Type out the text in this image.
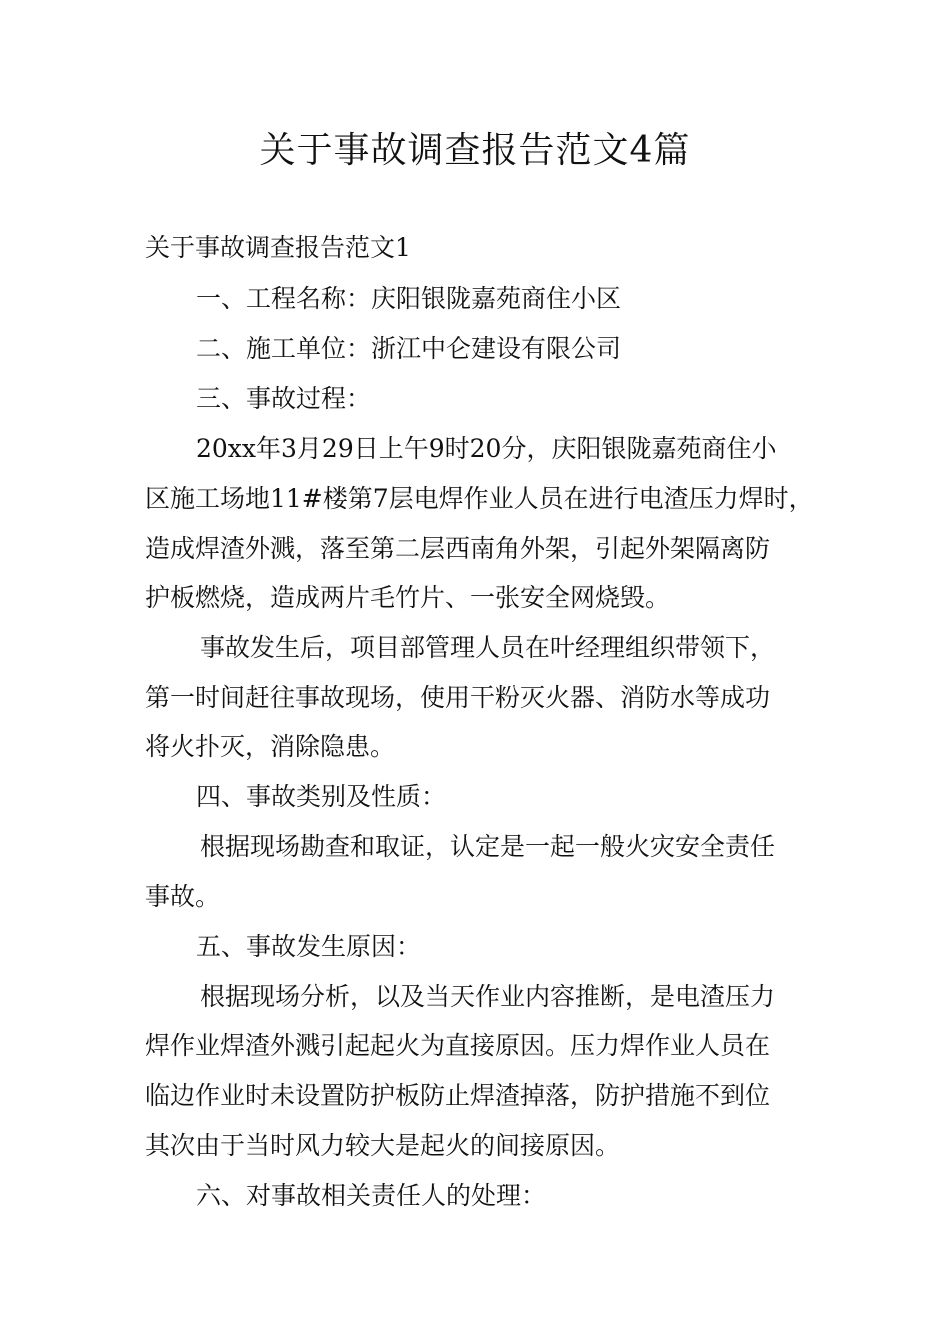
关于事故调查报告范文4篇
关于事故调查报告范文1
一、工程名称：庆阳银陇嘉苑商住小区
二、施工单位：浙江中仑建设有限公司
三、事故过程：
20xx年3月29日上午9时20分，庆阳银陇嘉苑商住小
区施工场地11#楼第7层电焊作业人员在进行电渣压力焊时，
造成焊渣外溅，落至第二层西南角外架，引起外架隔离防
护板燃烧，造成两片毛竹片、一张安全网烧毁。
事故发生后，项目部管理人员在叶经理组织带领下，
第一时间赶往事故现场，使用干粉灭火器、消防水等成功
将火扑灭，消除隐患。
四、事故类别及性质：
根据现场勘查和取证，认定是一起一般火灾安全责任
事故。
五、事故发生原因：
根据现场分析，以及当天作业内容推断，是电渣压力
焊作业焊渣外溅引起起火为直接原因。压力焊作业人员在
临边作业时未设置防护板防止焊渣掉落，防护措施不到位
其次由于当时风力较大是起火的间接原因。
六、对事故相关责任人的处理：
